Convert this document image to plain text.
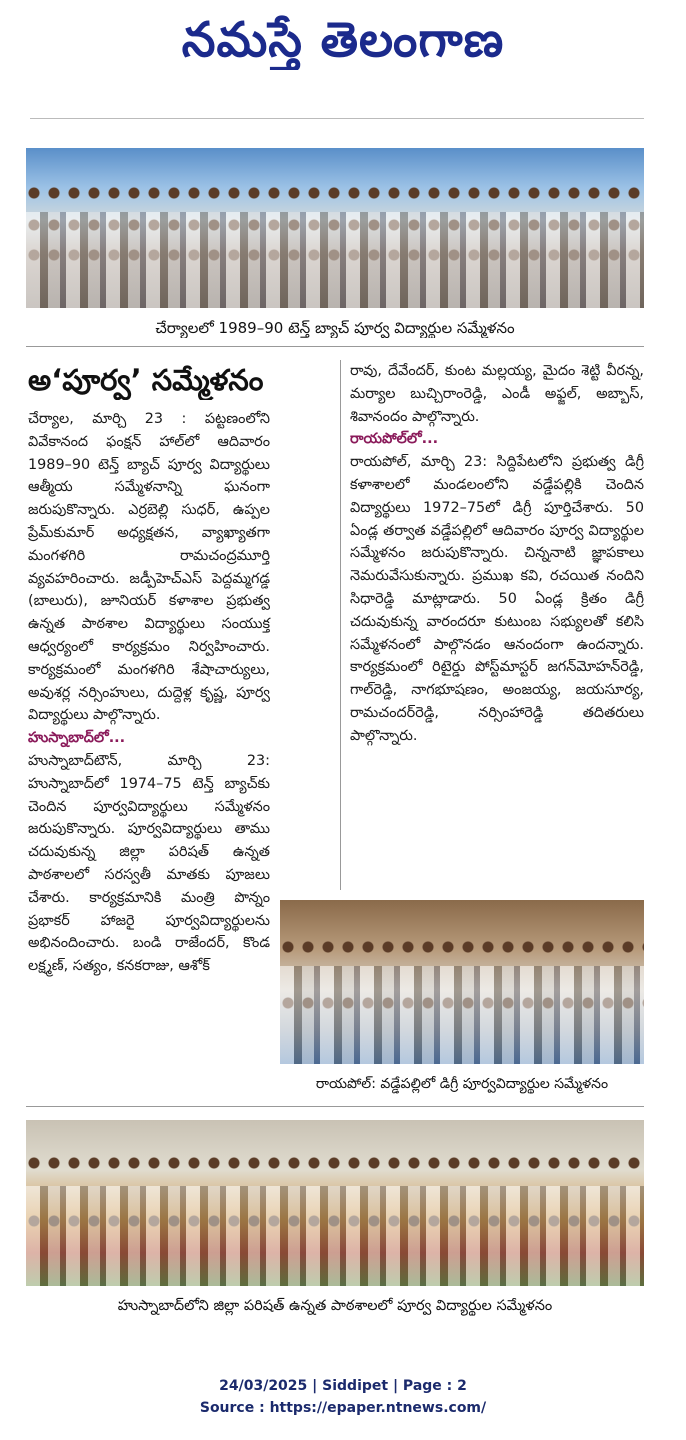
నమస్తే తెలంగాణ
చేర్యాలలో 1989–90 టెన్త్ బ్యాచ్ పూర్వ విద్యార్థుల సమ్మేళనం
అ‘పూర్వ’ సమ్మేళనం

చేర్యాల, మార్చి 23 : పట్టణంలోని వివేకానంద ఫంక్షన్ హాల్‌లో ఆదివారం 1989–90 టెన్త్ బ్యాచ్ పూర్వ విద్యార్థులు ఆత్మీయ సమ్మేళనాన్ని ఘనంగా జరుపుకొన్నారు. ఎర్రబెల్లి సుధర్, ఉప్పల ప్రేమ్‌కుమార్ అధ్యక్షతన, వ్యాఖ్యాతగా మంగళగిరి రామచంద్రమూర్తి వ్యవహరించారు. జడ్పీహెచ్ఎస్ పెద్దమ్మగడ్డ (బాలురు), జూనియర్ కళాశాల ప్రభుత్వ ఉన్నత పాఠశాల విద్యార్థులు సంయుక్త ఆధ్వర్యంలో కార్యక్రమం నిర్వహించారు. కార్యక్రమంలో మంగళగిరి శేషాచార్యులు, అవుశర్ల నర్సింహులు, దుద్దెళ్ల కృష్ణ, పూర్వ విద్యార్థులు పాల్గొన్నారు.

హుస్నాబాద్‌లో...

హుస్నాబాద్‌టౌన్, మార్చి 23: హుస్నాబాద్‌లో 1974–75 టెన్త్ బ్యాచ్‌కు చెందిన పూర్వవిద్యార్థులు సమ్మేళనం జరుపుకొన్నారు. పూర్వవిద్యార్థులు తాము చదువుకున్న జిల్లా పరిషత్ ఉన్నత పాఠశాలలో సరస్వతీ మాతకు పూజలు చేశారు. కార్యక్రమానికి మంత్రి పొన్నం ప్రభాకర్ హాజరై పూర్వవిద్యార్థులను అభినందించారు. బండి రాజేందర్, కొండ లక్ష్మణ్, సత్యం, కనకరాజు, ఆశోక్

రావు, దేవేందర్, కుంట మల్లయ్య, మైదం శెట్టి వీరన్న, మర్యాల బుచ్చిరాంరెడ్డి, ఎండీ అఫ్జల్, అబ్బాస్, శివానందం పాల్గొన్నారు.

రాయపోల్‌లో...

రాయపోల్, మార్చి 23: సిద్దిపేటలోని ప్రభుత్వ డిగ్రీ కళాశాలలో మండలంలోని వడ్డేపల్లికి చెందిన విద్యార్థులు 1972–75లో డిగ్రీ పూర్తిచేశారు. 50 ఏండ్ల తర్వాత వడ్డేపల్లిలో ఆదివారం పూర్వ విద్యార్థుల సమ్మేళనం జరుపుకొన్నారు. చిన్ననాటి జ్ఞాపకాలు నెమరువేసుకున్నారు. ప్రముఖ కవి, రచయిత నందిని సిధారెడ్డి మాట్లాడారు. 50 ఏండ్ల క్రితం డిగ్రీ చదువుకున్న వారందరూ కుటుంబ సభ్యులతో కలిసి సమ్మేళనంలో పాల్గొనడం ఆనందంగా ఉందన్నారు. కార్యక్రమంలో రిటైర్డు పోస్ట్‌మాస్టర్ జగన్‌మోహన్‌రెడ్డి, గాల్‌రెడ్డి, నాగభూషణం, అంజయ్య, జయసూర్య, రామచందర్‌రెడ్డి, నర్సింహారెడ్డి తదితరులు పాల్గొన్నారు.

రాయపోల్: వడ్డేపల్లిలో డిగ్రీ పూర్వవిద్యార్థుల సమ్మేళనం
హుస్నాబాద్‌లోని జిల్లా పరిషత్ ఉన్నత పాఠశాలలో పూర్వ విద్యార్థుల సమ్మేళనం
24/03/2025 | Siddipet | Page : 2
Source : https://epaper.ntnews.com/
